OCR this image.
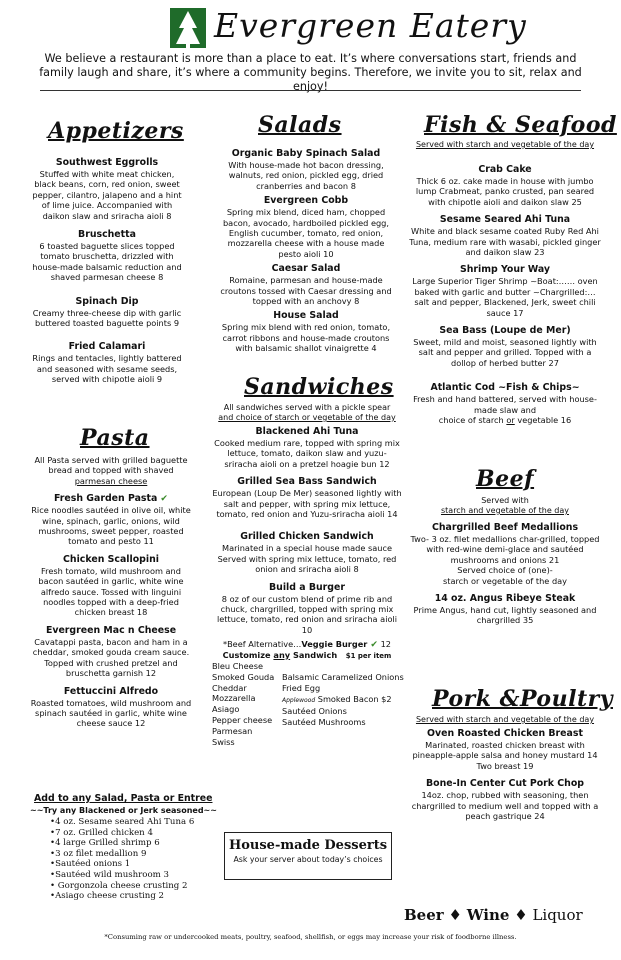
Evergreen Eatery
We believe a restaurant is more than a place to eat. It’s where conversations start, friends and family laugh and share, it’s where a community begins. Therefore, we invite you to sit, relax and enjoy!
Appetizers
Southwest Eggrolls
Stuffed with white meat chicken, black beans, corn, red onion, sweet pepper, cilantro, jalapeno and a hint of lime juice. Accompanied with daikon slaw and sriracha aioli 8
Bruschetta
6 toasted baguette slices topped tomato bruschetta, drizzled with house-made balsamic reduction and shaved parmesan cheese 8
Spinach Dip
Creamy three-cheese dip with garlic buttered toasted baguette points 9
Fried Calamari
Rings and tentacles, lightly battered and seasoned with sesame seeds, served with chipotle aioli 9
Pasta
All Pasta served with grilled baguette bread and topped with shaved
parmesan cheese
Fresh Garden Pasta ✔
Rice noodles sautéed in olive oil, white wine, spinach, garlic, onions, wild mushrooms, sweet pepper, roasted tomato and pesto 11
Chicken Scallopini
Fresh tomato, wild mushroom and bacon sautéed in garlic, white wine alfredo sauce. Tossed with linguini noodles topped with a deep-fried chicken breast 18
Evergreen Mac n Cheese
Cavatappi pasta, bacon and ham in a cheddar, smoked gouda cream sauce. Topped with crushed pretzel and bruschetta garnish 12
Fettuccini Alfredo
Roasted tomatoes, wild mushroom and spinach sautéed in garlic, white wine cheese sauce 12
Salads
Organic Baby Spinach Salad
With house-made hot bacon dressing, walnuts, red onion, pickled egg, dried cranberries and bacon 8
Evergreen Cobb
Spring mix blend, diced ham, chopped bacon, avocado, hardboiled pickled egg, English cucumber, tomato, red onion, mozzarella cheese with a house made pesto aioli 10
Caesar Salad
Romaine, parmesan and house-made croutons tossed with Caesar dressing and topped with an anchovy 8
House Salad
Spring mix blend with red onion, tomato, carrot ribbons and house-made croutons with balsamic shallot vinaigrette 4
Sandwiches
All sandwiches served with a pickle spear
and choice of starch or vegetable of the day
Blackened Ahi Tuna
Cooked medium rare, topped with spring mix lettuce, tomato, daikon slaw and yuzu-sriracha aioli on a pretzel hoagie bun 12
Grilled Sea Bass Sandwich
European (Loup De Mer) seasoned lightly with salt and pepper, with spring mix lettuce, tomato, red onion and Yuzu-sriracha aioli 14
Grilled Chicken Sandwich
Marinated in a special house made sauce Served with spring mix lettuce, tomato, red onion and sriracha aioli 8
Build a Burger
8 oz of our custom blend of prime rib and chuck, chargrilled, topped with spring mix lettuce, tomato, red onion and sriracha aioli 10
*Beef Alternative…Veggie Burger ✔ 12
Customize any Sandwich $1 per item
Bleu Cheese
Smoked Gouda
Cheddar
Mozzarella
Asiago
Pepper cheese
Parmesan
Swiss
Balsamic Caramelized Onions
Fried Egg
Applewood Smoked Bacon $2
Sautéed Onions
Sautéed Mushrooms
Fish & Seafood
Served with starch and vegetable of the day
Crab Cake
Thick 6 oz. cake made in house with jumbo lump Crabmeat, panko crusted, pan seared with chipotle aioli and daikon slaw 25
Sesame Seared Ahi Tuna
White and black sesame coated Ruby Red Ahi Tuna, medium rare with wasabi, pickled ginger and daikon slaw 23
Shrimp Your Way
Large Superior Tiger Shrimp ~Boat:…… oven baked with garlic and butter ~Chargrilled:…salt and pepper, Blackened, Jerk, sweet chili sauce 17
Sea Bass (Loupe de Mer)
Sweet, mild and moist, seasoned lightly with salt and pepper and grilled. Topped with a dollop of herbed butter 27
Atlantic Cod ~Fish & Chips~
Fresh and hand battered, served with house-made slaw and
choice of starch or vegetable 16
Beef
Served with
starch and vegetable of the day
Chargrilled Beef Medallions
Two- 3 oz. filet medallions char-grilled, topped with red-wine demi-glace and sautéed mushrooms and onions 21
Served choice of (one)-
starch or vegetable of the day
14 oz. Angus Ribeye Steak
Prime Angus, hand cut, lightly seasoned and chargrilled 35
Pork &Poultry
Served with starch and vegetable of the day
Oven Roasted Chicken Breast
Marinated, roasted chicken breast with pineapple-apple salsa and honey mustard 14
Two breast 19
Bone-In Center Cut Pork Chop
14oz. chop, rubbed with seasoning, then chargrilled to medium well and topped with a peach gastrique 24
Add to any Salad, Pasta or Entree
~~Try any Blackened or Jerk seasoned~~
•4 oz. Sesame seared Ahi Tuna 6
•7 oz. Grilled chicken 4
•4 large Grilled shrimp 6
•3 oz filet medallion 9
•Sautéed onions 1
•Sautéed wild mushroom 3
• Gorgonzola cheese crusting 2
•Asiago cheese crusting 2
House-made Desserts
Ask your server about today’s choices
Beer ♦ Wine ♦ Liquor
*Consuming raw or undercooked meats, poultry, seafood, shellfish, or eggs may increase your risk of foodborne illness.
